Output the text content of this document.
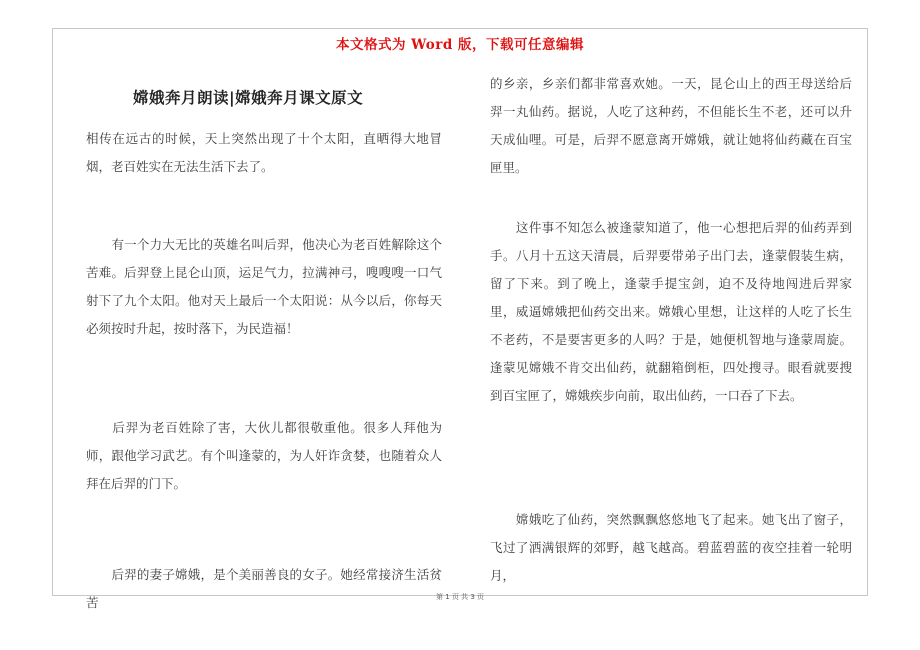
本文格式为 Word 版，下载可任意编辑
嫦娥奔月朗读|嫦娥奔月课文原文
相传在远古的时候，天上突然出现了十个太阳，直晒得大地冒烟，老百姓实在无法生活下去了。
　　有一个力大无比的英雄名叫后羿，他决心为老百姓解除这个苦难。后羿登上昆仑山顶，运足气力，拉满神弓，嗖嗖嗖一口气射下了九个太阳。他对天上最后一个太阳说：从今以后，你每天必须按时升起，按时落下，为民造福！
　　后羿为老百姓除了害，大伙儿都很敬重他。很多人拜他为师，跟他学习武艺。有个叫逢蒙的，为人奸诈贪婪，也随着众人拜在后羿的门下。
　　后羿的妻子嫦娥，是个美丽善良的女子。她经常接济生活贫苦
的乡亲，乡亲们都非常喜欢她。一天，昆仑山上的西王母送给后羿一丸仙药。据说，人吃了这种药，不但能长生不老，还可以升天成仙哩。可是，后羿不愿意离开嫦娥，就让她将仙药藏在百宝匣里。
　　这件事不知怎么被逢蒙知道了，他一心想把后羿的仙药弄到手。八月十五这天清晨，后羿要带弟子出门去，逢蒙假装生病，留了下来。到了晚上，逢蒙手提宝剑，迫不及待地闯进后羿家里，威逼嫦娥把仙药交出来。嫦娥心里想，让这样的人吃了长生不老药，不是要害更多的人吗？于是，她便机智地与逢蒙周旋。逢蒙见嫦娥不肯交出仙药，就翻箱倒柜，四处搜寻。眼看就要搜到百宝匣了，嫦娥疾步向前，取出仙药，一口吞了下去。
　　嫦娥吃了仙药，突然飘飘悠悠地飞了起来。她飞出了窗子，飞过了洒满银辉的郊野，越飞越高。碧蓝碧蓝的夜空挂着一轮明月，
第 1 页 共 3 页
